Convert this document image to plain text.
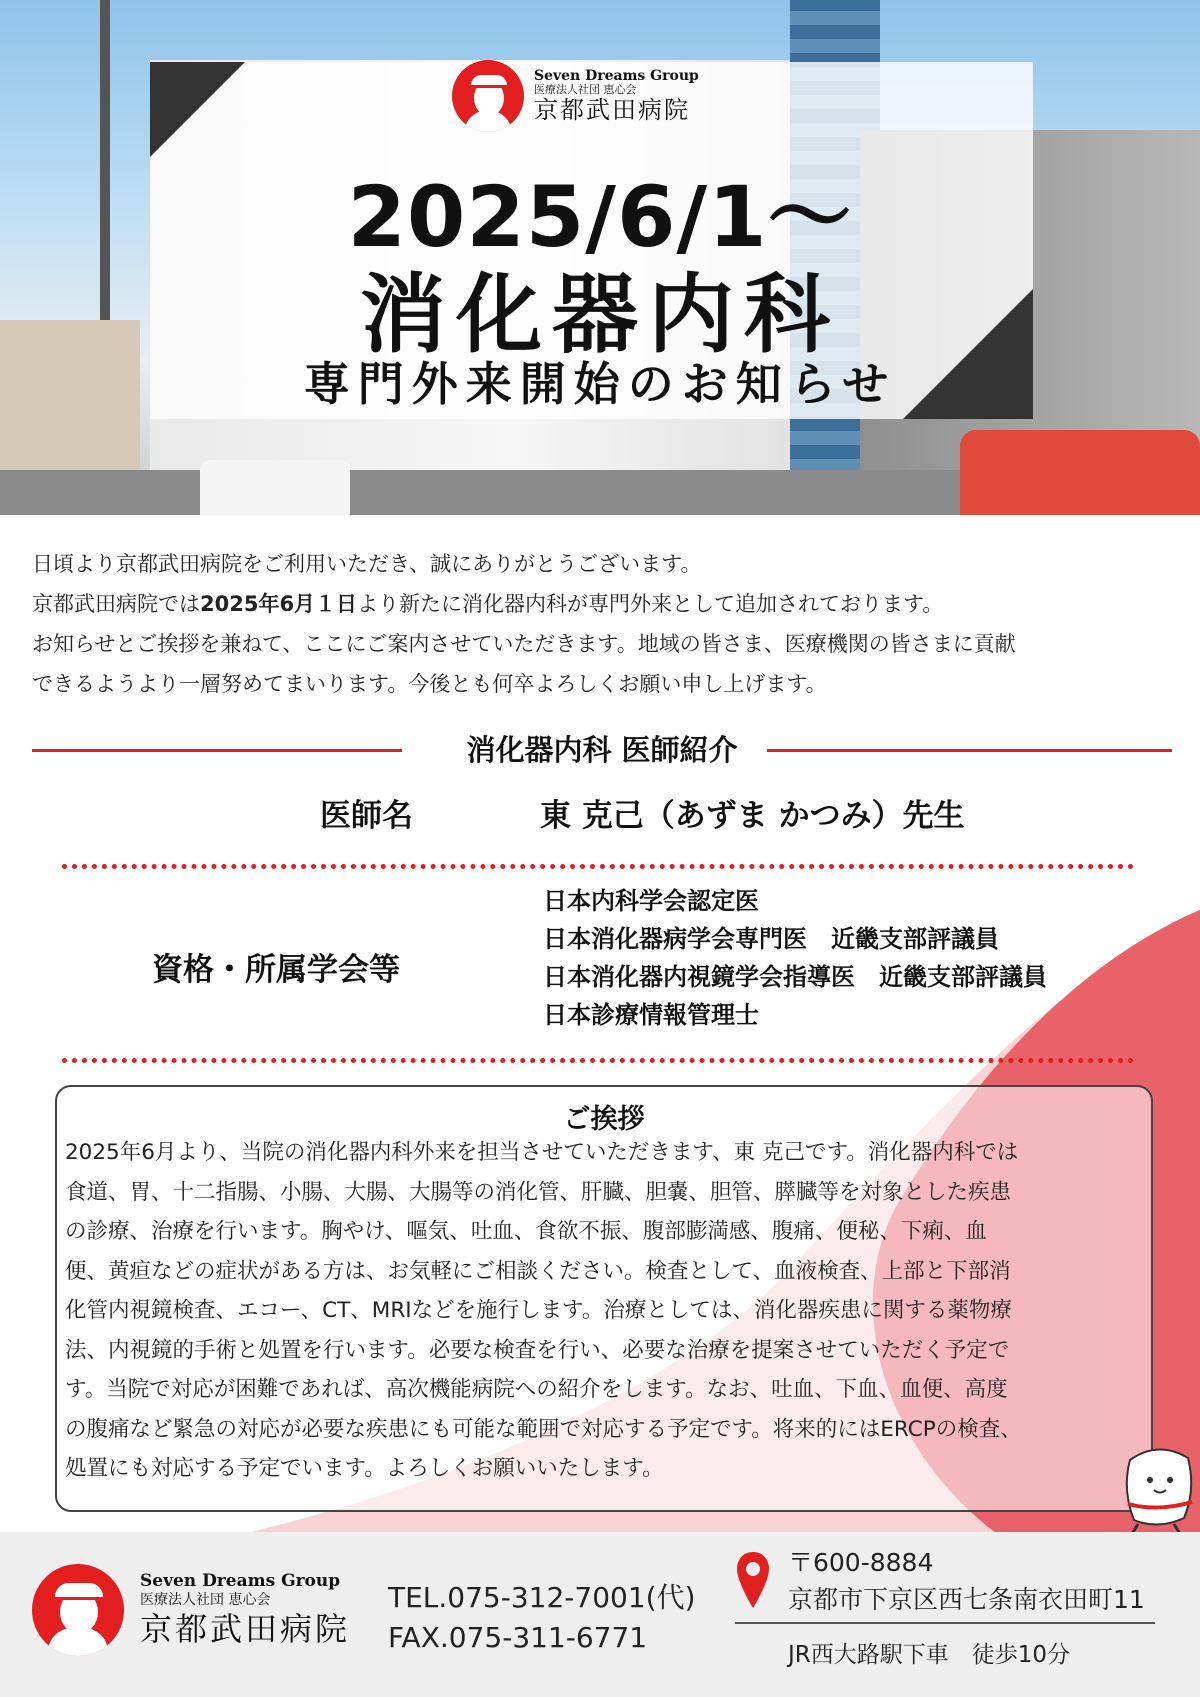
Seven Dreams Group
医療法人社団 恵心会
京都武田病院
2025/6/1〜
消化器内科
専門外来開始のお知らせ

日頃より京都武田病院をご利用いただき、誠にありがとうございます。

京都武田病院では2025年6月１日より新たに消化器内科が専門外来として追加されております。

お知らせとご挨拶を兼ねて、ここにご案内させていただきます。地域の皆さま、医療機関の皆さまに貢献

できるようより一層努めてまいります。今後とも何卒よろしくお願い申し上げます。

消化器内科 医師紹介
医師名	東 克己（あずま かつみ）先生
資格・所属学会等
日本内科学会認定医
日本消化器病学会専門医　近畿支部評議員
日本消化器内視鏡学会指導医　近畿支部評議員
日本診療情報管理士
ご挨拶
2025年6月より、当院の消化器内科外来を担当させていただきます、東 克己です。消化器内科では
食道、胃、十二指腸、小腸、大腸、大腸等の消化管、肝臓、胆嚢、胆管、膵臓等を対象とした疾患
の診療、治療を行います。胸やけ、嘔気、吐血、食欲不振、腹部膨満感、腹痛、便秘、下痢、血
便、黄疸などの症状がある方は、お気軽にご相談ください。検査として、血液検査、上部と下部消
化管内視鏡検査、エコー、CT、MRIなどを施行します。治療としては、消化器疾患に関する薬物療
法、内視鏡的手術と処置を行います。必要な検査を行い、必要な治療を提案させていただく予定で
す。当院で対応が困難であれば、高次機能病院への紹介をします。なお、吐血、下血、血便、高度
の腹痛など緊急の対応が必要な疾患にも可能な範囲で対応する予定です。将来的にはERCPの検査、
処置にも対応する予定でいます。よろしくお願いいたします。
Seven Dreams Group
医療法人社団 恵心会
京都武田病院
TEL.075-312-7001(代)
FAX.075-311-6771
〒600-8884
京都市下京区西七条南衣田町11
JR西大路駅下車　徒歩10分
